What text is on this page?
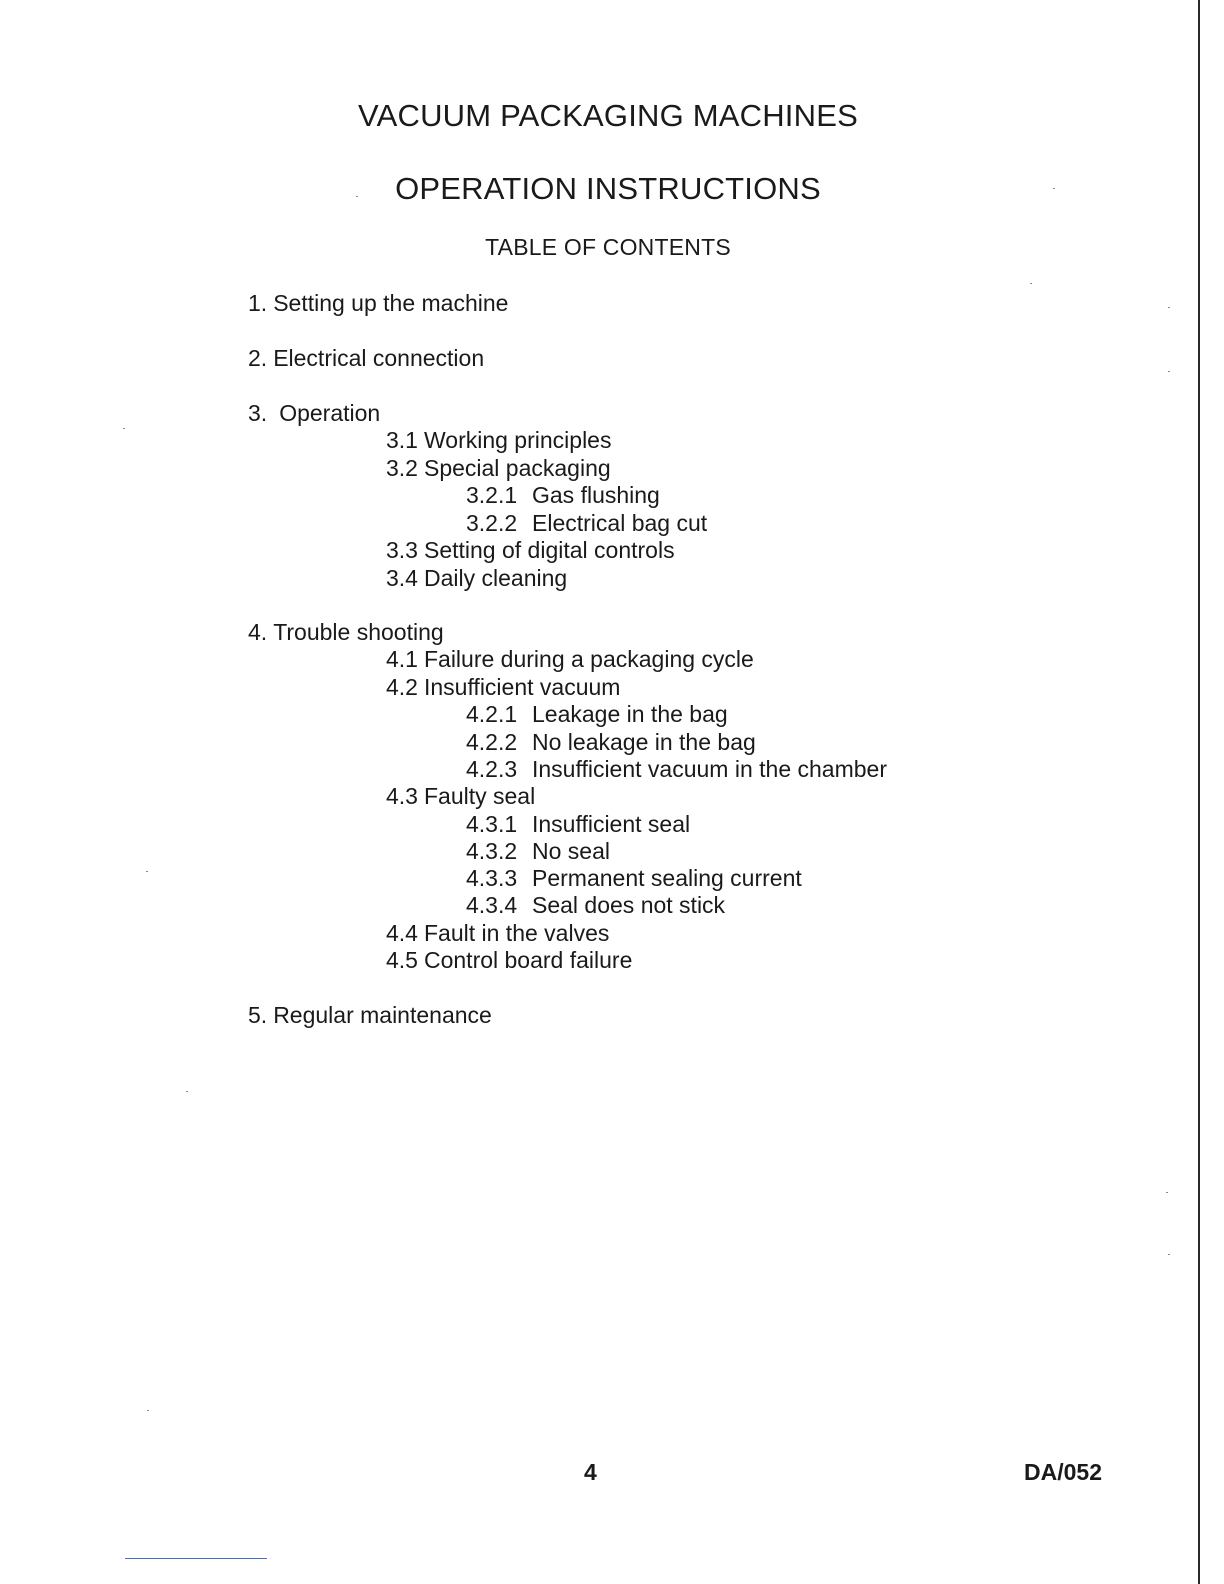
VACUUM PACKAGING MACHINES
OPERATION INSTRUCTIONS
TABLE OF CONTENTS
1. Setting up the machine
2. Electrical connection
3. Operation
3.1 Working principles
3.2 Special packaging
3.2.1 Gas flushing
3.2.2 Electrical bag cut
3.3 Setting of digital controls
3.4 Daily cleaning
4. Trouble shooting
4.1 Failure during a packaging cycle
4.2 Insufficient vacuum
4.2.1 Leakage in the bag
4.2.2 No leakage in the bag
4.2.3 Insufficient vacuum in the chamber
4.3 Faulty seal
4.3.1 Insufficient seal
4.3.2 No seal
4.3.3 Permanent sealing current
4.3.4 Seal does not stick
4.4 Fault in the valves
4.5 Control board failure
5. Regular maintenance
4	DA/052
